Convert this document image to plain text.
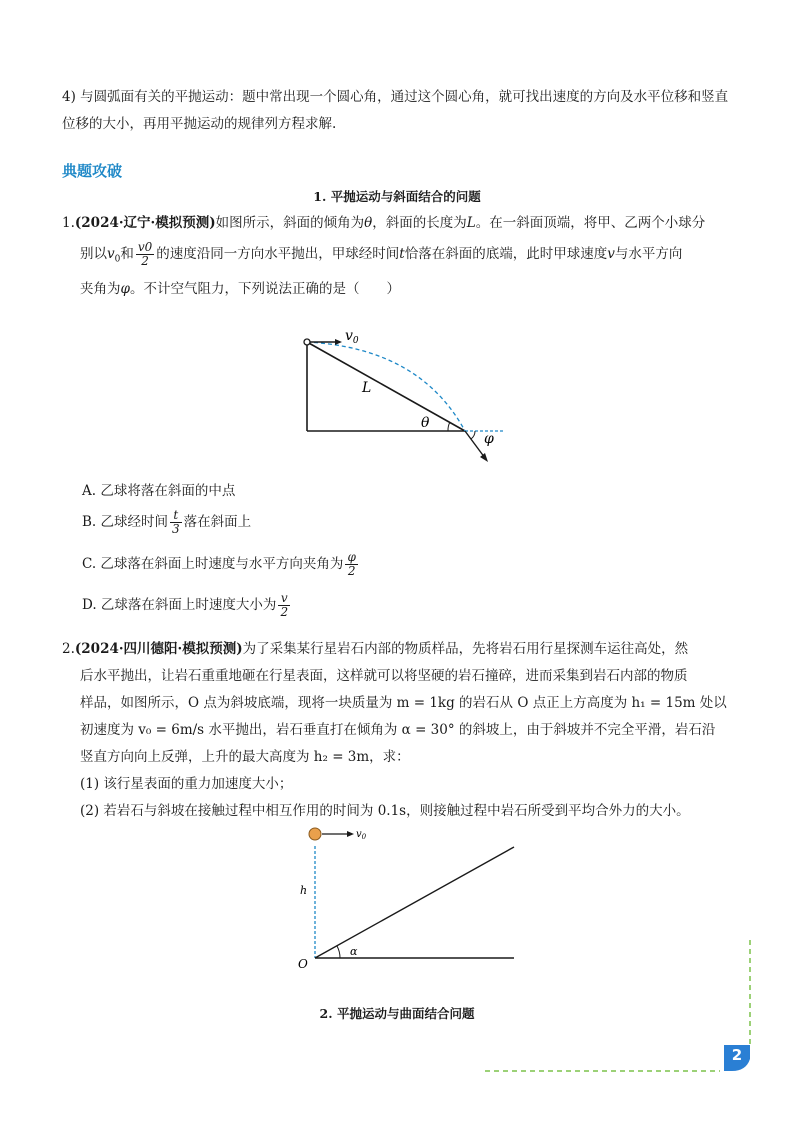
4) 与圆弧面有关的平抛运动：题中常出现一个圆心角，通过这个圆心角，就可找出速度的方向及水平位移和竖直
位移的大小，再用平抛运动的规律列方程求解.
典题攻破
1. 平抛运动与斜面结合的问题
1.(2024·辽宁·模拟预测)如图所示，斜面的倾角为θ，斜面的长度为L。在一斜面顶端，将甲、乙两个小球分
别以$v_0$和 $\frac{v0}{2}$ 的速度沿同一方向水平抛出，甲球经时间t恰落在斜面的底端，此时甲球速度v与水平方向
夹角为φ。不计空气阻力，下列说法正确的是（　　）
$v_0$
L
θ
φ
A. 乙球将落在斜面的中点
B. 乙球经时间 $\frac{t}{3}$ 落在斜面上
C. 乙球落在斜面上时速度与水平方向夹角为 $\frac{\varphi}{2}$
D. 乙球落在斜面上时速度大小为 $\frac{v}{2}$
2.(2024·四川德阳·模拟预测)为了采集某行星岩石内部的物质样品，先将岩石用行星探测车运往高处，然
后水平抛出，让岩石重重地砸在行星表面，这样就可以将坚硬的岩石撞碎，进而采集到岩石内部的物质
样品，如图所示，O 点为斜坡底端，现将一块质量为 m = 1kg 的岩石从 O 点正上方高度为 h₁ = 15m 处以
初速度为 v₀ = 6m/s 水平抛出，岩石垂直打在倾角为 α = 30° 的斜坡上，由于斜坡并不完全平滑，岩石沿
竖直方向向上反弹，上升的最大高度为 h₂ = 3m，求：
(1) 该行星表面的重力加速度大小；
(2) 若岩石与斜坡在接触过程中相互作用的时间为 0.1s，则接触过程中岩石所受到平均合外力的大小。
$v_0$
h
O
α
2. 平抛运动与曲面结合问题
2
